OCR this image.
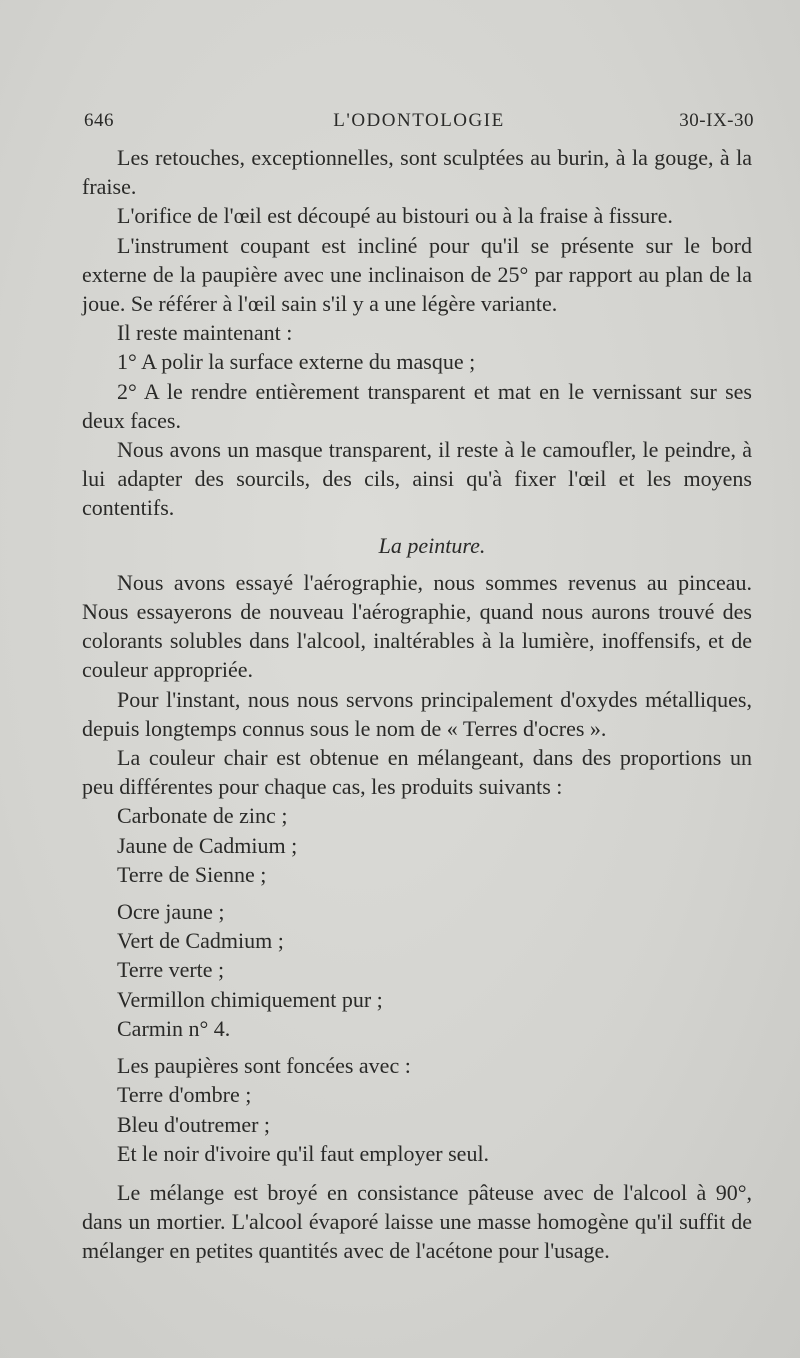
646	L'ODONTOLOGIE	30-IX-30

Les retouches, exceptionnelles, sont sculptées au burin, à la gouge, à la fraise.

L'orifice de l'œil est découpé au bistouri ou à la fraise à fissure.

L'instrument coupant est incliné pour qu'il se présente sur le bord externe de la paupière avec une inclinaison de 25° par rapport au plan de la joue. Se référer à l'œil sain s'il y a une légère variante.

Il reste maintenant :

1° A polir la surface externe du masque ;

2° A le rendre entièrement transparent et mat en le vernissant sur ses deux faces.

Nous avons un masque transparent, il reste à le camoufler, le peindre, à lui adapter des sourcils, des cils, ainsi qu'à fixer l'œil et les moyens contentifs.

La peinture.

Nous avons essayé l'aérographie, nous sommes revenus au pinceau. Nous essayerons de nouveau l'aérographie, quand nous aurons trouvé des colorants solubles dans l'alcool, inaltérables à la lumière, inoffensifs, et de couleur appropriée.

Pour l'instant, nous nous servons principalement d'oxydes métalliques, depuis longtemps connus sous le nom de « Terres d'ocres ».

La couleur chair est obtenue en mélangeant, dans des proportions un peu différentes pour chaque cas, les produits suivants :

Carbonate de zinc ;

Jaune de Cadmium ;

Terre de Sienne ;

Ocre jaune ;

Vert de Cadmium ;

Terre verte ;

Vermillon chimiquement pur ;

Carmin n° 4.

Les paupières sont foncées avec :

Terre d'ombre ;

Bleu d'outremer ;

Et le noir d'ivoire qu'il faut employer seul.

Le mélange est broyé en consistance pâteuse avec de l'alcool à 90°, dans un mortier. L'alcool évaporé laisse une masse homogène qu'il suffit de mélanger en petites quantités avec de l'acétone pour l'usage.
